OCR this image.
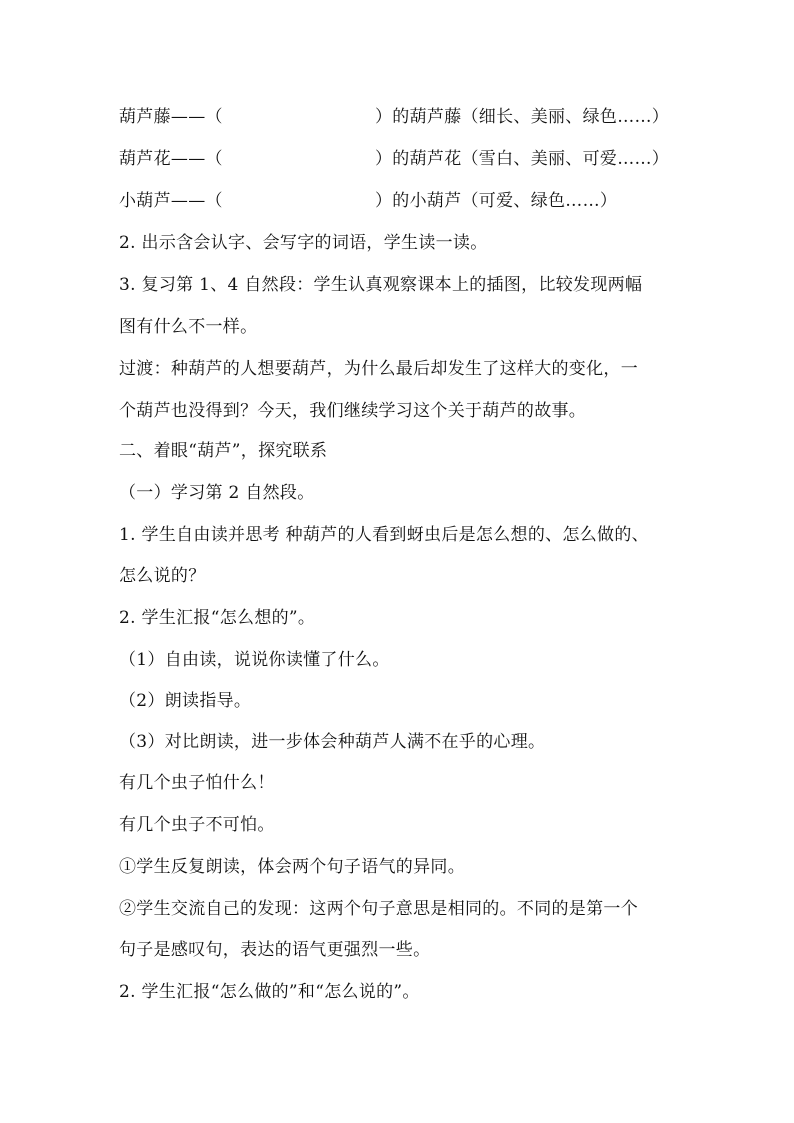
葫芦藤——（	）的葫芦藤（细长、美丽、绿色……）
葫芦花——（	）的葫芦花（雪白、美丽、可爱……）
小葫芦——（	）的小葫芦（可爱、绿色……）
2. 出示含会认字、会写字的词语，学生读一读。
3. 复习第 1、4 自然段：学生认真观察课本上的插图，比较发现两幅
图有什么不一样。
过渡：种葫芦的人想要葫芦，为什么最后却发生了这样大的变化，一
个葫芦也没得到？今天，我们继续学习这个关于葫芦的故事。
二、着眼“葫芦”，探究联系
（一）学习第 2 自然段。
1. 学生自由读并思考 种葫芦的人看到蚜虫后是怎么想的、怎么做的、
怎么说的？
2. 学生汇报“怎么想的”。
（1）自由读，说说你读懂了什么。
（2）朗读指导。
（3）对比朗读，进一步体会种葫芦人满不在乎的心理。
有几个虫子怕什么！
有几个虫子不可怕。
①学生反复朗读，体会两个句子语气的异同。
②学生交流自己的发现：这两个句子意思是相同的。不同的是第一个
句子是感叹句，表达的语气更强烈一些。
2. 学生汇报“怎么做的”和“怎么说的”。
